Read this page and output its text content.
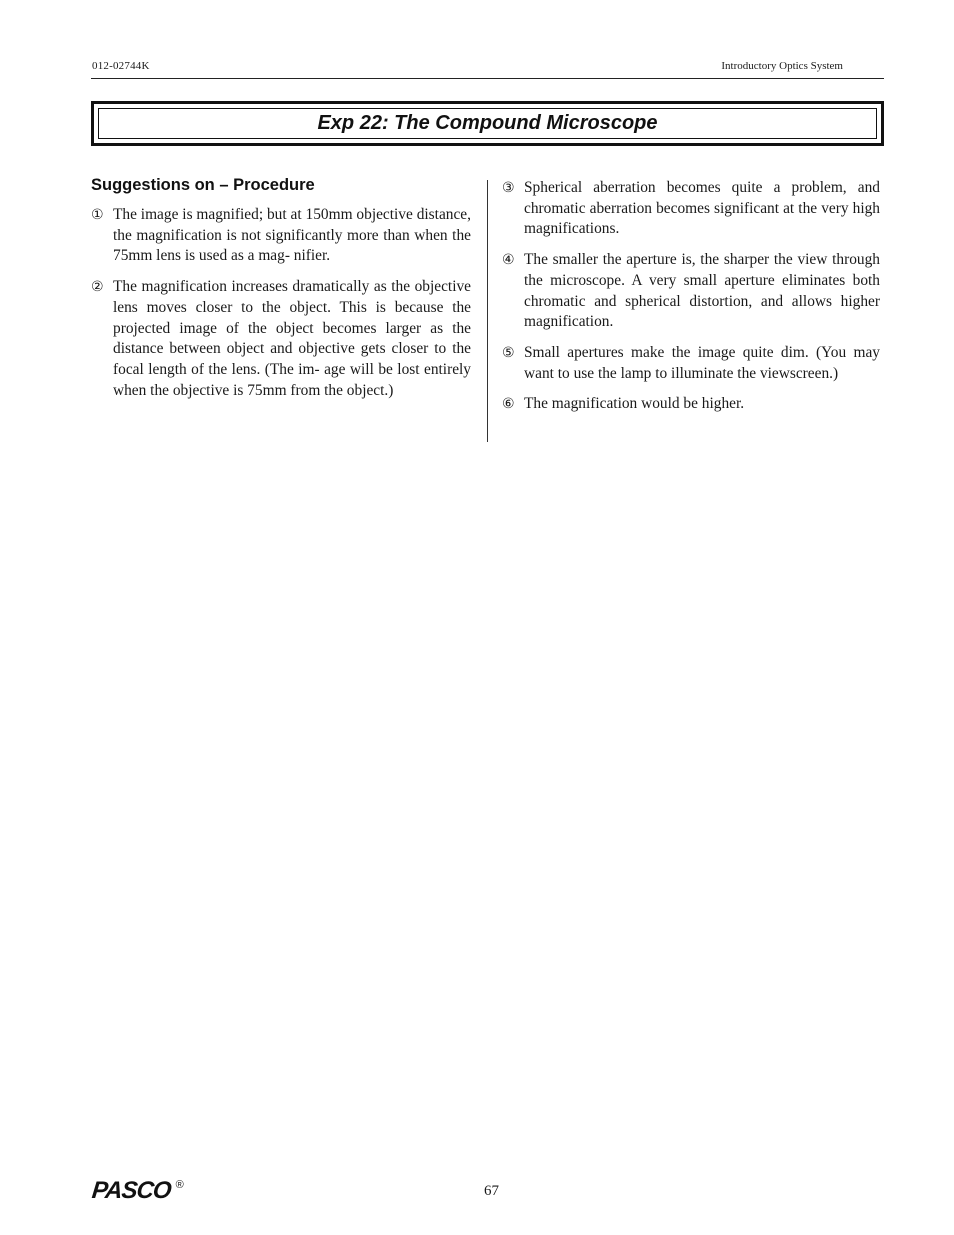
012-02744K	Introductory Optics System
Exp 22: The Compound Microscope
Suggestions on – Procedure
① The image is magnified; but at 150mm objective distance, the magnification is not significantly more than when the 75mm lens is used as a mag- nifier.
② The magnification increases dramatically as the objective lens moves closer to the object. This is because the projected image of the object becomes larger as the distance between object and objective gets closer to the focal length of the lens. (The im- age will be lost entirely when the objective is 75mm from the object.)
③ Spherical aberration becomes quite a problem, and chromatic aberration becomes significant at the very high magnifications.
④ The smaller the aperture is, the sharper the view through the microscope. A very small aperture eliminates both chromatic and spherical distortion, and allows higher magnification.
⑤ Small apertures make the image quite dim. (You may want to use the lamp to illuminate the viewscreen.)
⑥ The magnification would be higher.
PASCO ®	67
